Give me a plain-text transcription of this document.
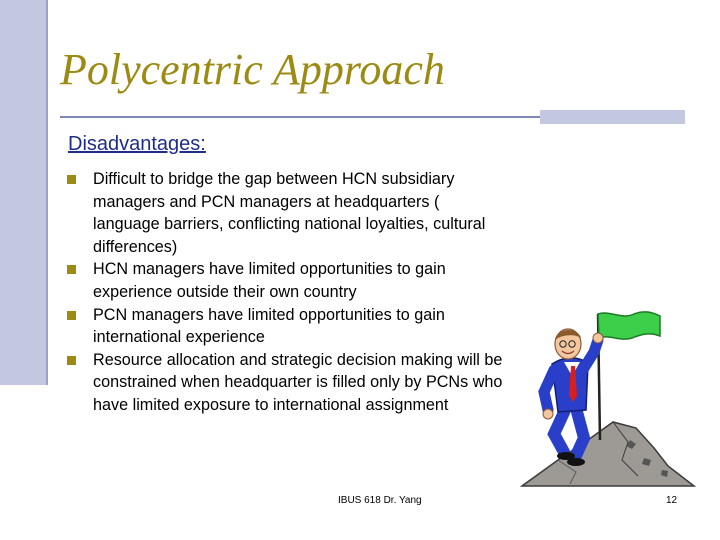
Polycentric Approach
Disadvantages:
Difficult to bridge the gap between HCN subsidiary managers and PCN managers at headquarters ( language barriers, conflicting national loyalties, cultural differences)
HCN managers have limited opportunities to gain experience outside their own country
PCN managers have limited opportunities to gain international experience
Resource allocation and strategic decision making will be constrained when headquarter is filled only by PCNs who have limited exposure to international assignment
IBUS 618 Dr. Yang	12
